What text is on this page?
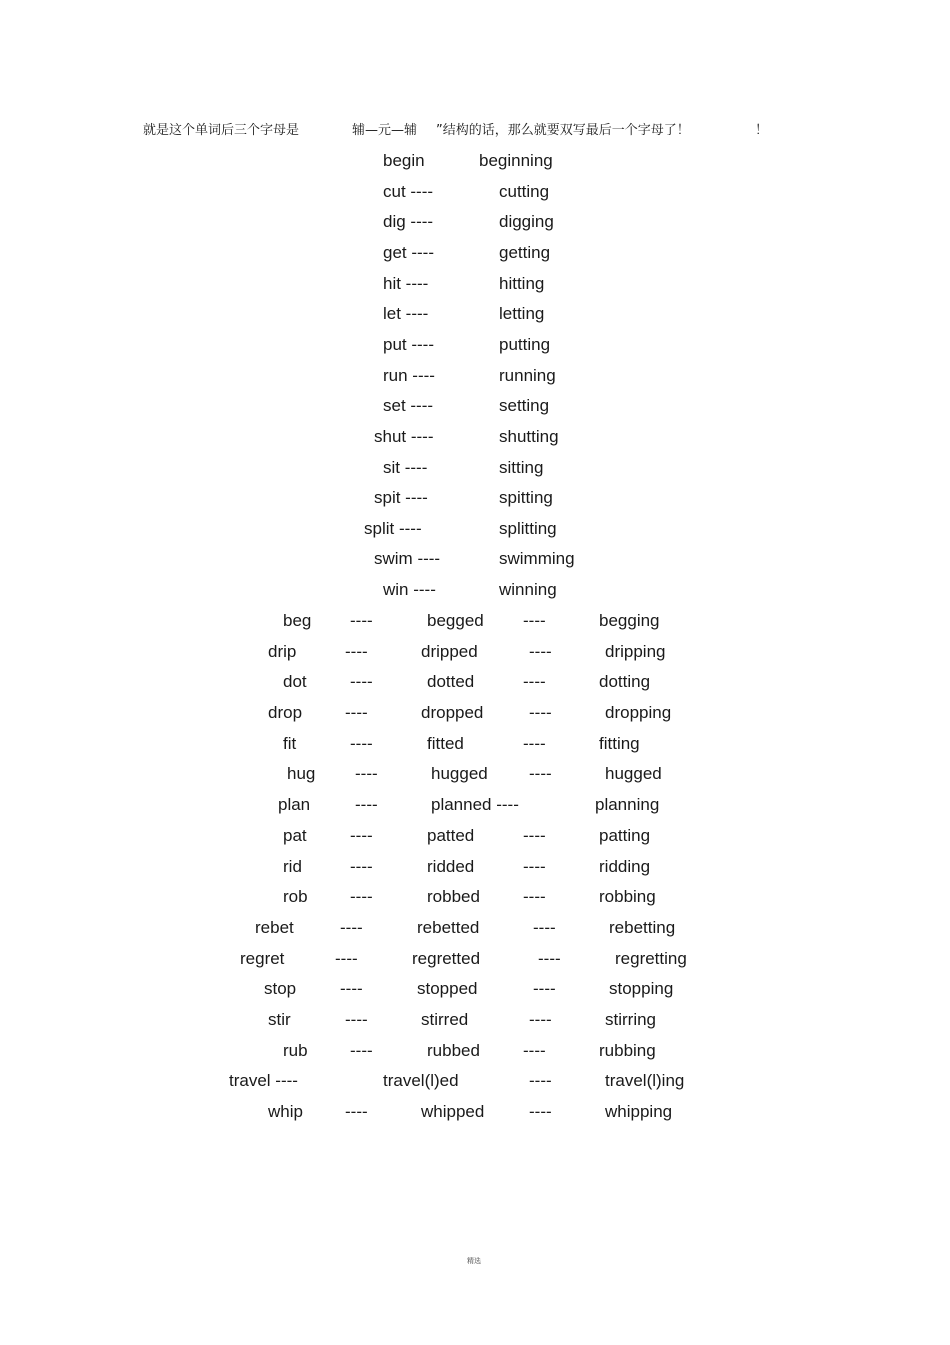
就是这个单词后三个字母是	辅—元—辅 ”结构的话，那么就要双写最后一个字母了！	！
begin	beginning
cut ----	cutting
dig ----	digging
get ----	getting
hit ----	hitting
let ----	letting
put ----	putting
run ----	running
set ----	setting
shut ----	shutting
sit ----	sitting
spit ----	spitting
split ----	splitting
swim ----	swimming
win ----	winning
beg ----	begged ----	begging
drip	----	dripped	----	dripping
dot	----	dotted	----	dotting
drop	----	dropped	----	dropping
fit	----	fitted	----	fitting
hug ----	hugged ----	hugged
plan	----	planned ----	planning
pat	----	patted	----	patting
rid	----	ridded	----	ridding
rob ----	robbed	----	robbing
rebet	----	rebetted	----	rebetting
regret	----	regretted	----	regretting
stop	----	stopped	----	stopping
stir	----	stirred	----	stirring
rub ----	rubbed	----	rubbing
travel ----	travel(l)ed	----	travel(l)ing
whip ----	whipped	----	whipping
精选
